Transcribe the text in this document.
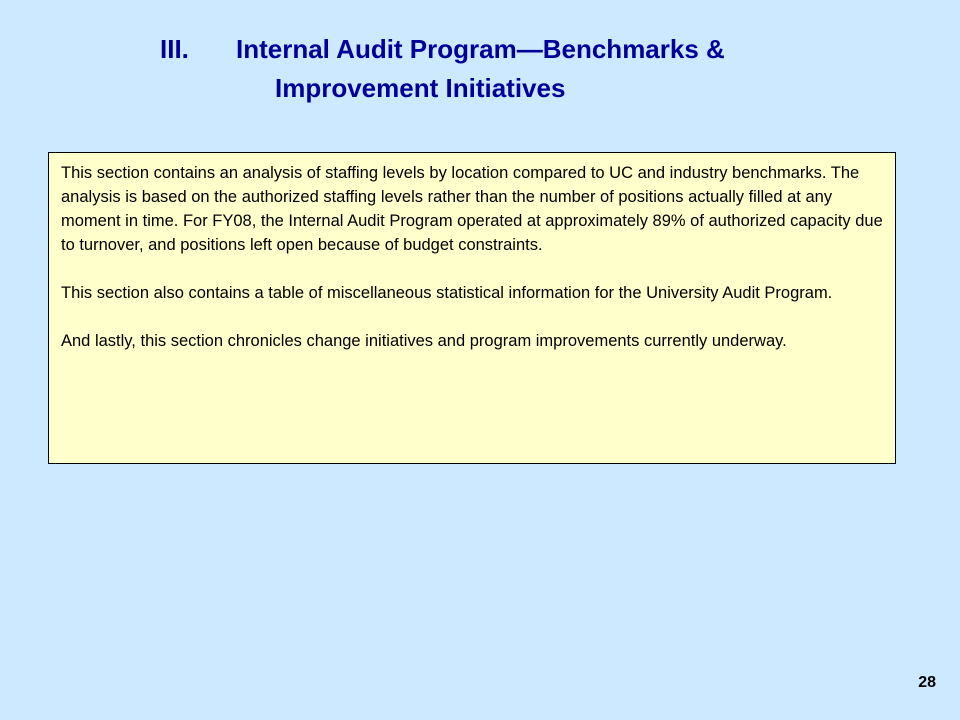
III. Internal Audit Program—Benchmarks &
Improvement Initiatives

This section contains an analysis of staffing levels by location compared to UC and industry benchmarks. The analysis is based on the authorized staffing levels rather than the number of positions actually filled at any moment in time. For FY08, the Internal Audit Program operated at approximately 89% of authorized capacity due to turnover, and positions left open because of budget constraints.

This section also contains a table of miscellaneous statistical information for the University Audit Program.

And lastly, this section chronicles change initiatives and program improvements currently underway.

28
